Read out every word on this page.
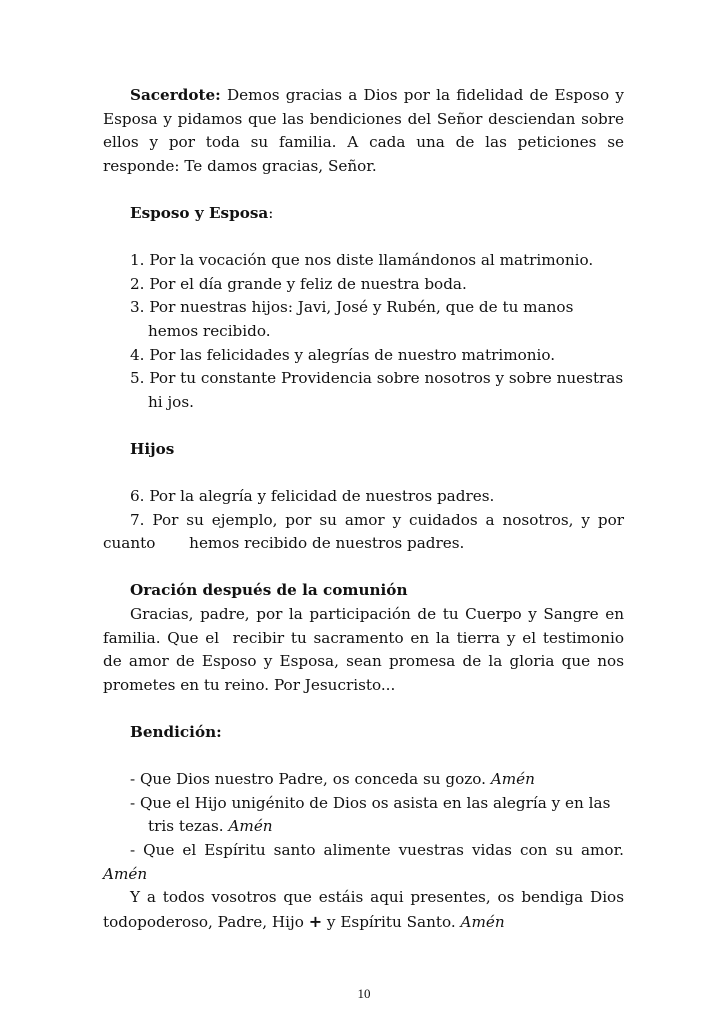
Sacerdote: Demos gracias a Dios por la fidelidad de Esposo y Esposa y pidamos que las bendiciones del Señor desciendan sobre ellos y por toda su familia. A cada una de las peticiones se responde: Te damos gracias, Señor.

Esposo y Esposa:

1. Por la vocación que nos diste llamándonos al matrimonio.
2. Por el día grande y feliz de nuestra boda.
3. Por nuestras hijos: Javi, José y Rubén, que de tu manos hemos recibido.
4. Por las felicidades y alegrías de nuestro matrimonio.
5. Por tu constante Providencia sobre nosotros y sobre nuestras hi jos.

Hijos

6. Por la alegría y felicidad de nuestros padres.

7. Por su ejemplo, por su amor y cuidados a nosotros, y por cuanto       hemos recibido de nuestros padres.

Oración después de la comunión

Gracias, padre, por la participación de tu Cuerpo y Sangre en familia. Que el  recibir tu sacramento en la tierra y el testimonio de amor de Esposo y Esposa, sean promesa de la gloria que nos prometes en tu reino. Por Jesucristo...

Bendición:

- Que Dios nuestro Padre, os conceda su gozo. Amén

- Que el Hijo unigénito de Dios os asista en las alegría y en las tris tezas. Amén

- Que el Espíritu santo alimente vuestras vidas con su amor. Amén

Y a todos vosotros que estáis aqui presentes, os bendiga Dios todopoderoso, Padre, Hijo + y Espíritu Santo. Amén

10
